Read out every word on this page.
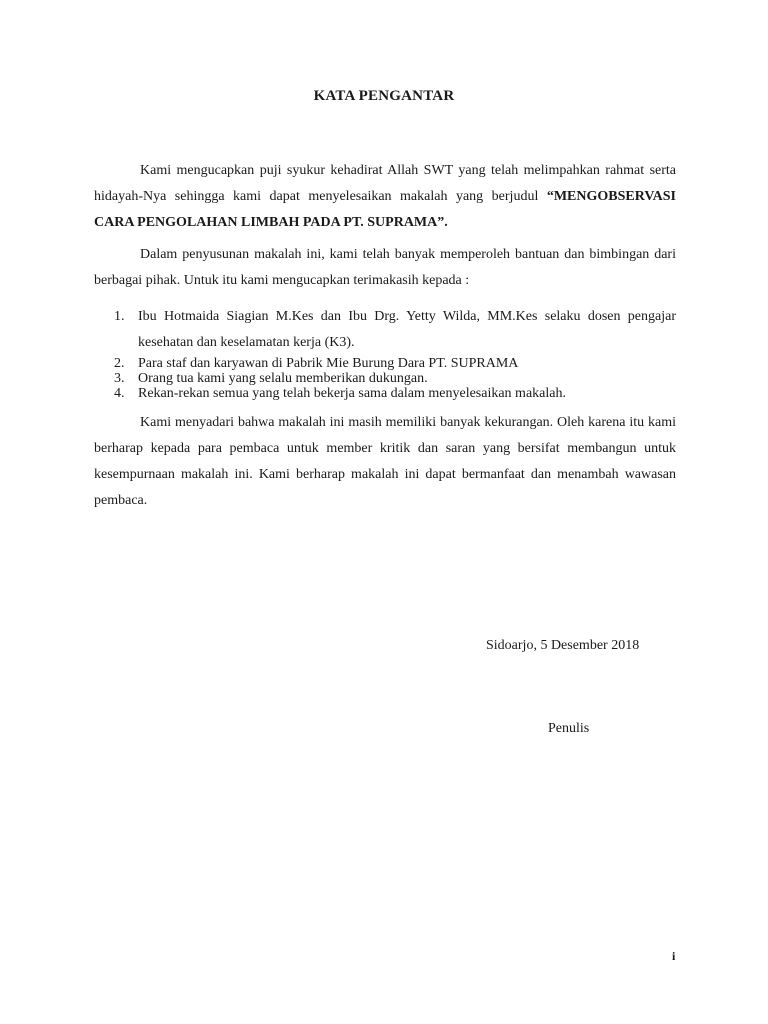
KATA PENGANTAR

Kami mengucapkan puji syukur kehadirat Allah SWT yang telah melimpahkan rahmat serta hidayah-Nya sehingga kami dapat menyelesaikan makalah yang berjudul “MENGOBSERVASI CARA PENGOLAHAN LIMBAH PADA PT. SUPRAMA”.

Dalam penyusunan makalah ini, kami telah banyak memperoleh bantuan dan bimbingan dari berbagai pihak. Untuk itu kami mengucapkan terimakasih kepada :

1. Ibu Hotmaida Siagian M.Kes dan Ibu Drg. Yetty Wilda, MM.Kes selaku dosen pengajar kesehatan dan keselamatan kerja (K3).
2. Para staf dan karyawan di Pabrik Mie Burung Dara PT. SUPRAMA
3. Orang tua kami yang selalu memberikan dukungan.
4. Rekan-rekan semua yang telah bekerja sama dalam menyelesaikan makalah.

Kami menyadari bahwa makalah ini masih memiliki banyak kekurangan. Oleh karena itu kami berharap kepada para pembaca untuk member kritik dan saran yang bersifat membangun untuk kesempurnaan makalah ini. Kami berharap makalah ini dapat bermanfaat dan menambah wawasan pembaca.

Sidoarjo, 5 Desember 2018
Penulis
i
